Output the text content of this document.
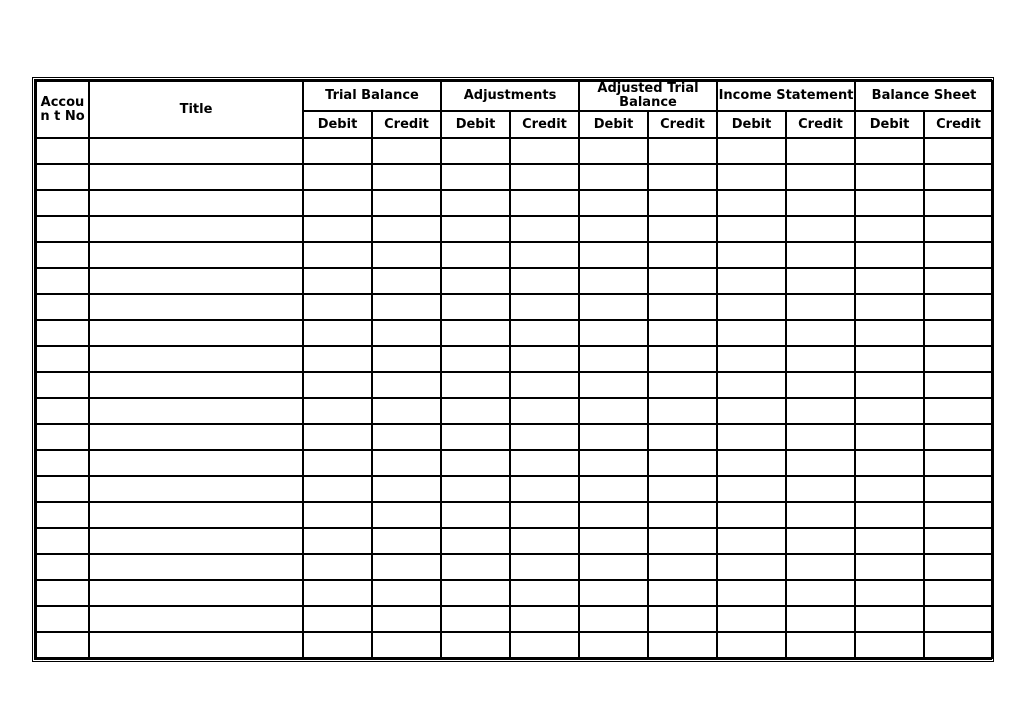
Accoun t No	Title	Trial Balance		Adjustments		Adjusted Trial Balance		Income Statement		Balance Sheet	
		Debit	Credit	Debit	Credit	Debit	Credit	Debit	Credit	Debit	Credit
